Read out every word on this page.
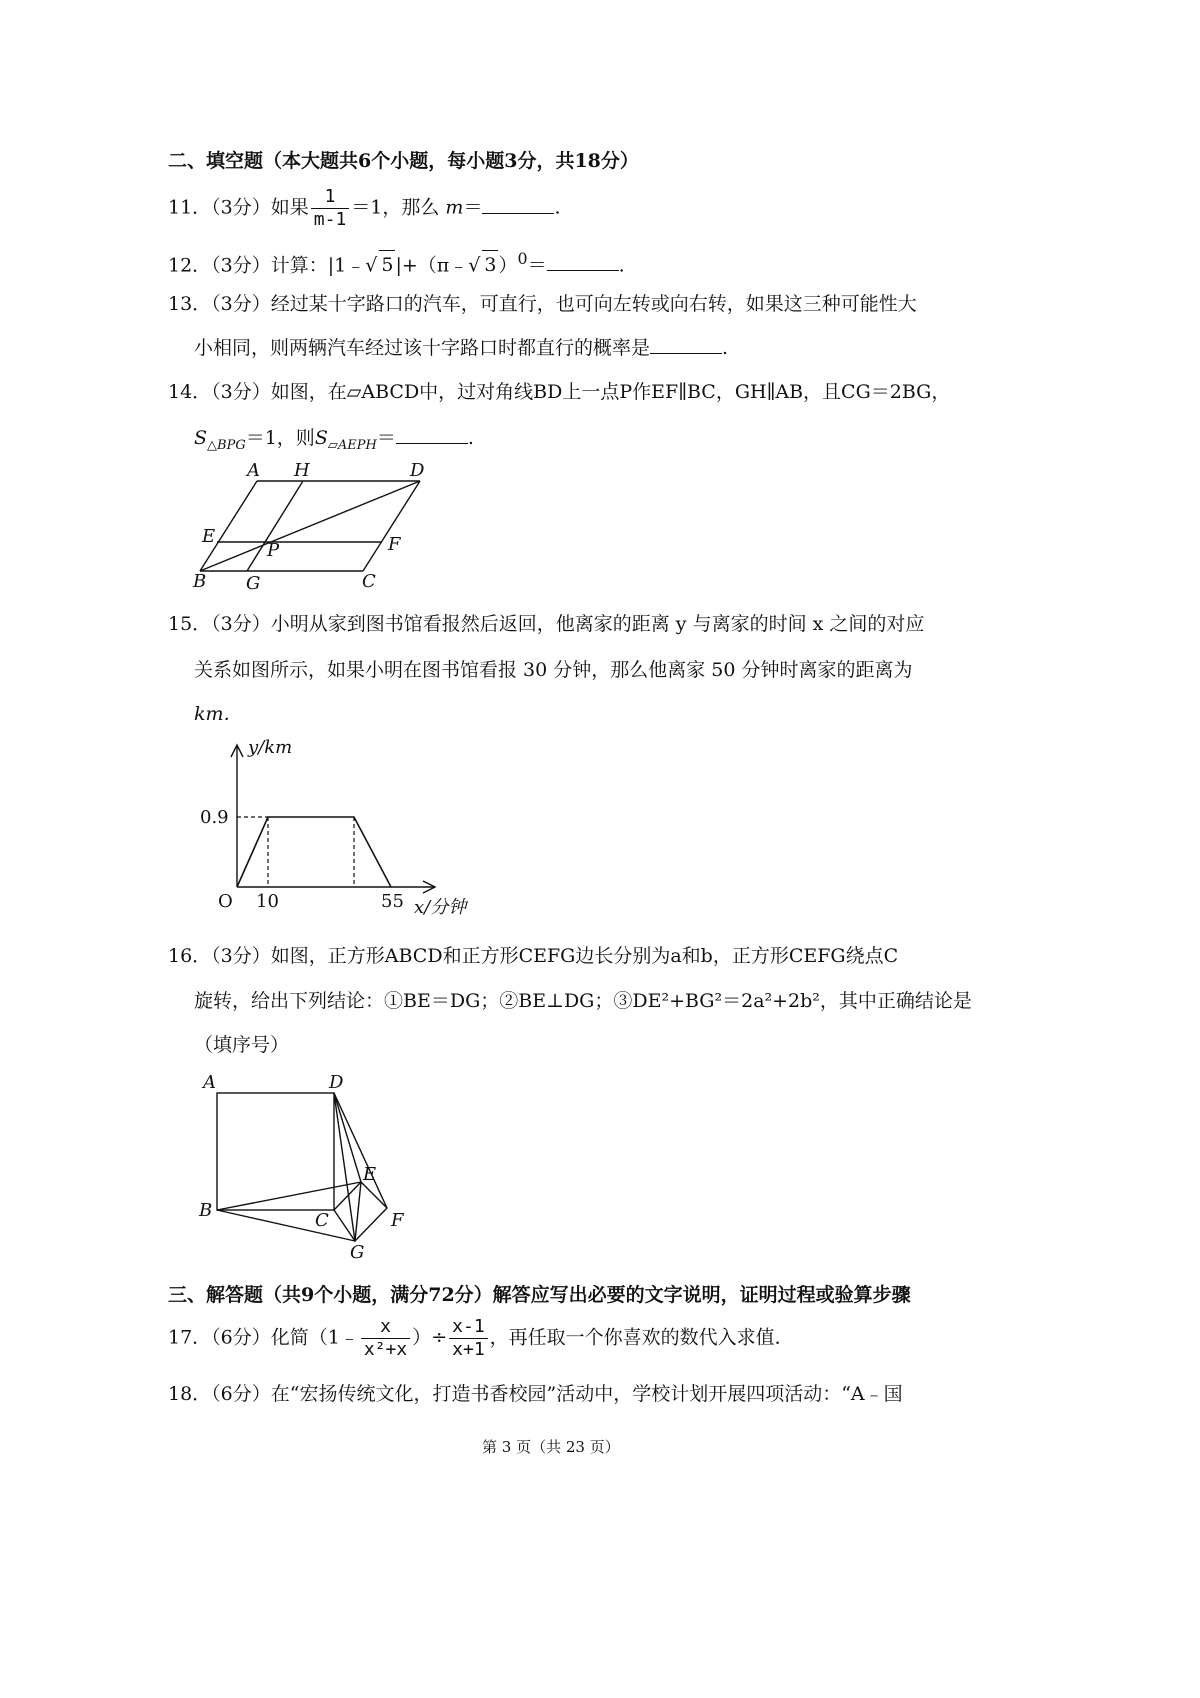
二、填空题（本大题共6个小题，每小题3分，共18分）
11．（3分）如果 $\frac{1}{m-1} =1$，那么 m＝	.
12．（3分）计算：|1﹣√ 5 |+（π﹣√ 3 ）$^0$＝	.
13．（3分）经过某十字路口的汽车，可直行，也可向左转或向右转，如果这三种可能性大
小相同，则两辆汽车经过该十字路口时都直行的概率是	.
14．（3分）如图，在▱ABCD中，过对角线BD上一点P作EF∥BC，GH∥AB，且CG＝2BG，
$S_{\triangle BPG}=1$，则$S_{▱AEPH}=$	.
A H	D
E
P	F
B G	C
15．（3分）小明从家到图书馆看报然后返回，他离家的距离 y 与离家的时间 x 之间的对应
关系如图所示，如果小明在图书馆看报 30 分钟，那么他离家 50 分钟时离家的距离为
km．
y/km
0.9
O 10	55 x/分钟
16．（3分）如图，正方形ABCD和正方形CEFG边长分别为a和b，正方形CEFG绕点C
旋转，给出下列结论：①BE＝DG；②BE⊥DG；③DE²+BG²＝2a²+2b²，其中正确结论是
（填序号）
A	D
E
B	C	F
G
三、解答题（共9个小题，满分72分）解答应写出必要的文字说明，证明过程或验算步骤
17．（6分）化简（1﹣ $\frac{x}{\text{x²+x}}$ ）÷ $\frac{x-1}{x+1}$ ，再任取一个你喜欢的数代入求值．
18．（6分）在“宏扬传统文化，打造书香校园”活动中，学校计划开展四项活动：“A﹣国
第 3 页（共 23 页）
